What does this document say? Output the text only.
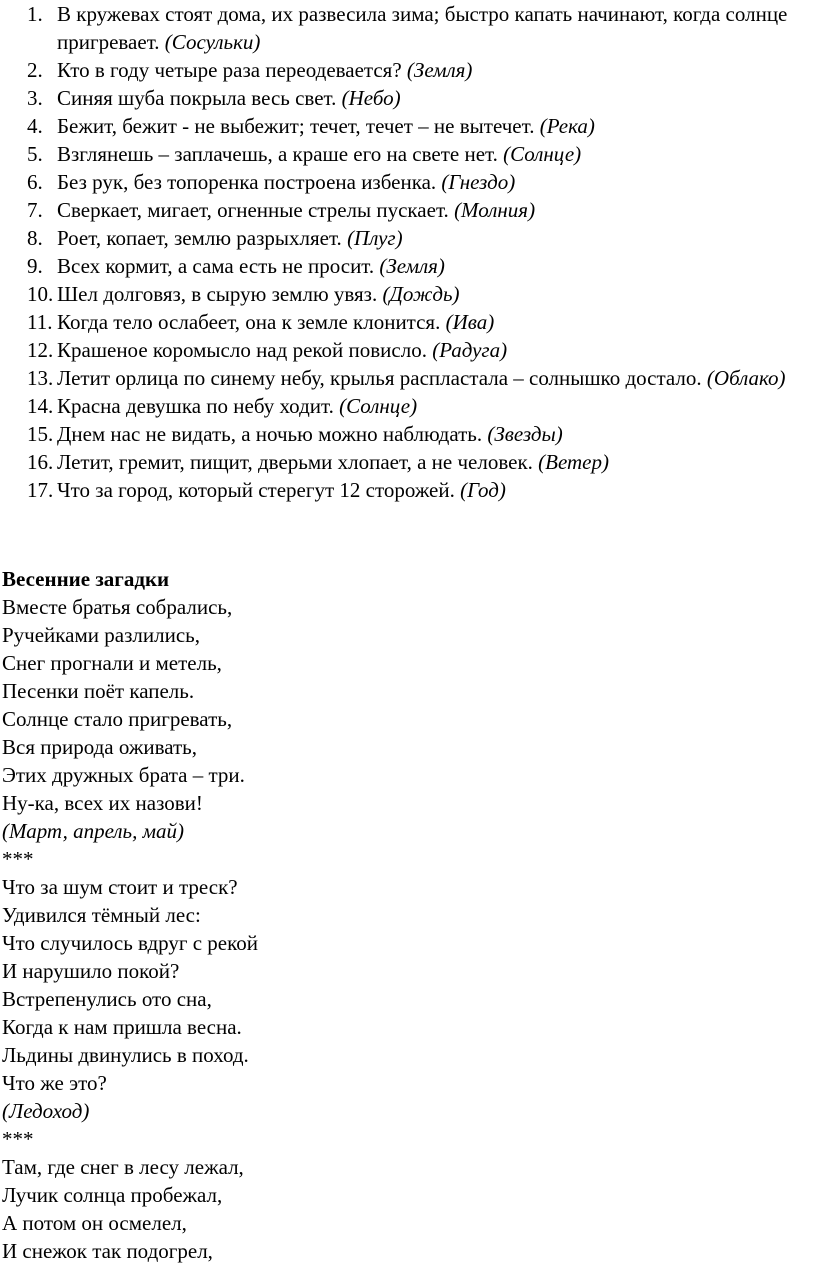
1. В кружевах стоят дома, их развесила зима; быстро капать начинают, когда солнце пригревает. (Сосульки)
2. Кто в году четыре раза переодевается? (Земля)
3. Синяя шуба покрыла весь свет. (Небо)
4. Бежит, бежит - не выбежит; течет, течет – не вытечет. (Река)
5. Взглянешь – заплачешь, а краше его на свете нет. (Солнце)
6. Без рук, без топоренка построена избенка. (Гнездо)
7. Сверкает, мигает, огненные стрелы пускает. (Молния)
8. Роет, копает, землю разрыхляет. (Плуг)
9. Всех кормит, а сама есть не просит. (Земля)
10. Шел долговяз, в сырую землю увяз. (Дождь)
11. Когда тело ослабеет, она к земле клонится. (Ива)
12. Крашеное коромысло над рекой повисло. (Радуга)
13. Летит орлица по синему небу, крылья распластала – солнышко достало. (Облако)
14. Красна девушка по небу ходит. (Солнце)
15. Днем нас не видать, а ночью можно наблюдать. (Звезды)
16. Летит, гремит, пищит, дверьми хлопает, а не человек. (Ветер)
17. Что за город, который стерегут 12 сторожей. (Год)
Весенние загадки
Вместе братья собрались,
Ручейками разлились,
Снег прогнали и метель,
Песенки поёт капель.
Солнце стало пригревать,
Вся природа оживать,
Этих дружных брата – три.
Ну-ка, всех их назови!
(Март, апрель, май)
***
Что за шум стоит и треск?
Удивился тёмный лес:
Что случилось вдруг с рекой
И нарушило покой?
Встрепенулись ото сна,
Когда к нам пришла весна.
Льдины двинулись в поход.
Что же это?
(Ледоход)
***
Там, где снег в лесу лежал,
Лучик солнца пробежал,
А потом он осмелел,
И снежок так подогрел,
